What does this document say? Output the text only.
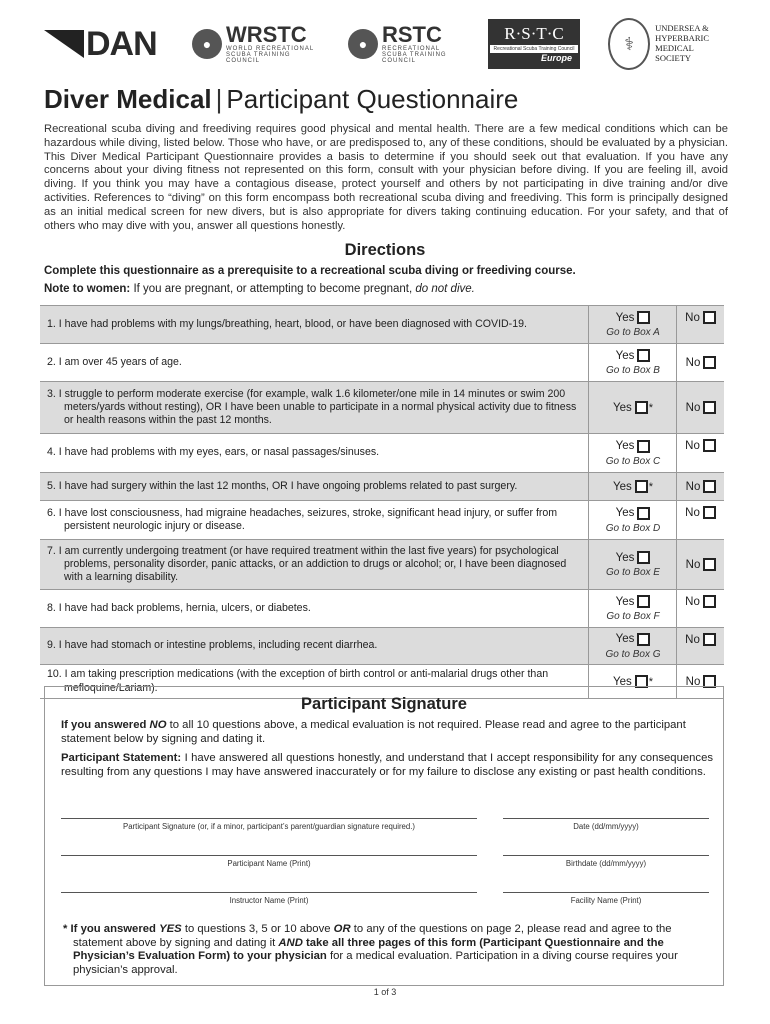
DAN	● WRSTC
WORLD RECREATIONAL SCUBA TRAINING COUNCIL
● RSTC
RECREATIONAL SCUBA TRAINING COUNCIL
R·S·T·C
Recreational Scuba Training Council
Europe
⚕
UNDERSEA &
HYPERBARIC
MEDICAL SOCIETY
Diver Medical | Participant Questionnaire
Recreational scuba diving and freediving requires good physical and mental health. There are a few medical conditions which can be hazardous while diving, listed below. Those who have, or are predisposed to, any of these conditions, should be evaluated by a physician. This Diver Medical Participant Questionnaire provides a basis to determine if you should seek out that evaluation. If you have any concerns about your diving fitness not represented on this form, consult with your physician before diving. If you are feeling ill, avoid diving. If you think you may have a contagious disease, protect yourself and others by not participating in dive training and/or dive activities. References to “diving” on this form encompass both recreational scuba diving and freediving. This form is principally designed as an initial medical screen for new divers, but is also appropriate for divers taking continuing education. For your safety, and that of others who may dive with you, answer all questions honestly.
Directions
Complete this questionnaire as a prerequisite to a recreational scuba diving or freediving course.
Note to women: If you are pregnant, or attempting to become pregnant, do not dive.
1. I have had problems with my lungs/breathing, heart, blood, or have been diagnosed with COVID-19.
Yes
Go to Box A
No
2. I am over 45 years of age.
Yes
Go to Box B
No
3. I struggle to perform moderate exercise (for example, walk 1.6 kilometer/one mile in 14 minutes or swim 200 meters/yards without resting), OR I have been unable to participate in a normal physical activity due to fitness or health reasons within the past 12 months.
Yes *	No
4. I have had problems with my eyes, ears, or nasal passages/sinuses.
Yes
Go to Box C
No
5. I have had surgery within the last 12 months, OR I have ongoing problems related to past surgery.	Yes *	No
6. I have lost consciousness, had migraine headaches, seizures, stroke, significant head injury, or suffer from persistent neurologic injury or disease.
Yes
Go to Box D
No
7. I am currently undergoing treatment (or have required treatment within the last five years) for psychological problems, personality disorder, panic attacks, or an addiction to drugs or alcohol; or, I have been diagnosed with a learning disability.
Yes
Go to Box E
No
8. I have had back problems, hernia, ulcers, or diabetes.
Yes
Go to Box F
No
9. I have had stomach or intestine problems, including recent diarrhea.
Yes
Go to Box G
No
10. I am taking prescription medications (with the exception of birth control or anti-malarial drugs other than mefloquine/Lariam).	Yes *	No
Participant Signature
If you answered NO to all 10 questions above, a medical evaluation is not required. Please read and agree to the participant statement below by signing and dating it.
Participant Statement: I have answered all questions honestly, and understand that I accept responsibility for any consequences resulting from any questions I may have answered inaccurately or for my failure to disclose any existing or past health conditions.
Participant Signature (or, if a minor, participant’s parent/guardian signature required.)	Date (dd/mm/yyyy)
Participant Name (Print)	Birthdate (dd/mm/yyyy)
Instructor Name (Print)	Facility Name (Print)
* If you answered YES to questions 3, 5 or 10 above OR to any of the questions on page 2, please read and agree to the statement above by signing and dating it AND take all three pages of this form (Participant Questionnaire and the Physician’s Evaluation Form) to your physician for a medical evaluation. Participation in a diving course requires your physician’s approval.
1 of 3
